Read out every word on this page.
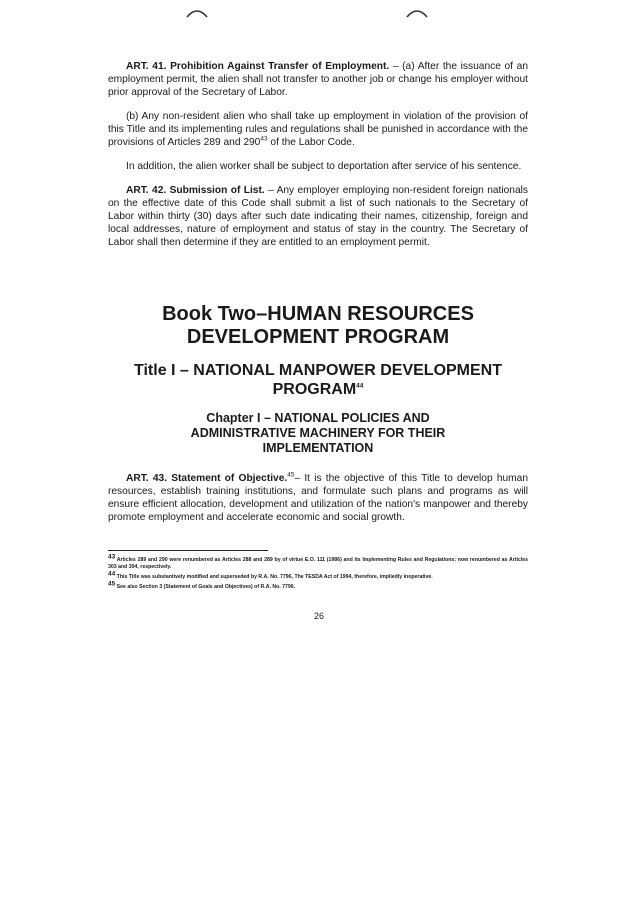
ART. 41. Prohibition Against Transfer of Employment. – (a) After the issuance of an employment permit, the alien shall not transfer to another job or change his employer without prior approval of the Secretary of Labor.

(b) Any non-resident alien who shall take up employment in violation of the provision of this Title and its implementing rules and regulations shall be punished in accordance with the provisions of Articles 289 and $290^{43}$ of the Labor Code.

In addition, the alien worker shall be subject to deportation after service of his sentence.

ART. 42. Submission of List. – Any employer employing non-resident foreign nationals on the effective date of this Code shall submit a list of such nationals to the Secretary of Labor within thirty (30) days after such date indicating their names, citizenship, foreign and local addresses, nature of employment and status of stay in the country. The Secretary of Labor shall then determine if they are entitled to an employment permit.

Book Two–HUMAN RESOURCES
DEVELOPMENT PROGRAM
Title I – NATIONAL MANPOWER DEVELOPMENT
PROGRAM$^{44}$
Chapter I – NATIONAL POLICIES AND
ADMINISTRATIVE MACHINERY FOR THEIR
IMPLEMENTATION

ART. 43. Statement of Objective.$^{45}$– It is the objective of this Title to develop human resources, establish training institutions, and formulate such plans and programs as will ensure efficient allocation, development and utilization of the nation's manpower and thereby promote employment and accelerate economic and social growth.

$^{43}$ Articles 289 and 290 were renumbered as Articles 288 and 289 by of virtue E.O. 111 (1986) and its Implementing Rules and Regulations; now renumbered as Articles 303 and 304, respectively.

$^{44}$ This Title was substantively modified and superseded by R.A. No. 7796, The TESDA Act of 1994, therefore, impliedly inoperative.

$^{45}$ See also Section 3 (Statement of Goals and Objectives) of R.A. No. 7796.

26
